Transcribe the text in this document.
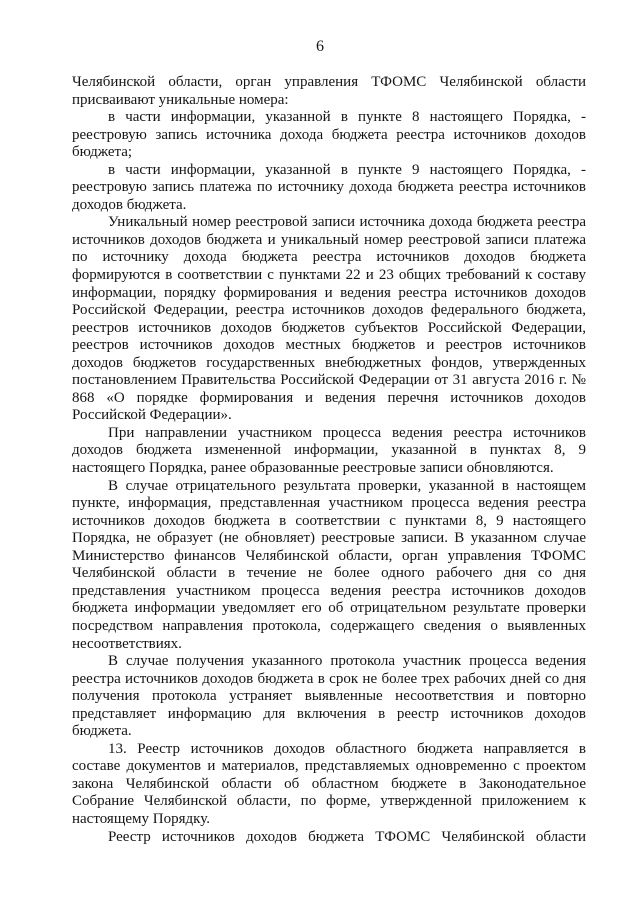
6

Челябинской области, орган управления ТФОМС Челябинской области присваивают уникальные номера:

в части информации, указанной в пункте 8 настоящего Порядка, - реестровую запись источника дохода бюджета реестра источников доходов бюджета;

в части информации, указанной в пункте 9 настоящего Порядка, - реестровую запись платежа по источнику дохода бюджета реестра источников доходов бюджета.

Уникальный номер реестровой записи источника дохода бюджета реестра источников доходов бюджета и уникальный номер реестровой записи платежа по источнику дохода бюджета реестра источников доходов бюджета формируются в соответствии с пунктами 22 и 23 общих требований к составу информации, порядку формирования и ведения реестра источников доходов Российской Федерации, реестра источников доходов федерального бюджета, реестров источников доходов бюджетов субъектов Российской Федерации, реестров источников доходов местных бюджетов и реестров источников доходов бюджетов государственных внебюджетных фондов, утвержденных постановлением Правительства Российской Федерации от 31 августа 2016 г. № 868 «О порядке формирования и ведения перечня источников доходов Российской Федерации».

При направлении участником процесса ведения реестра источников доходов бюджета измененной информации, указанной в пунктах 8, 9 настоящего Порядка, ранее образованные реестровые записи обновляются.

В случае отрицательного результата проверки, указанной в настоящем пункте, информация, представленная участником процесса ведения реестра источников доходов бюджета в соответствии с пунктами 8, 9 настоящего Порядка, не образует (не обновляет) реестровые записи. В указанном случае Министерство финансов Челябинской области, орган управления ТФОМС Челябинской области в течение не более одного рабочего дня со дня представления участником процесса ведения реестра источников доходов бюджета информации уведомляет его об отрицательном результате проверки посредством направления протокола, содержащего сведения о выявленных несоответствиях.

В случае получения указанного протокола участник процесса ведения реестра источников доходов бюджета в срок не более трех рабочих дней со дня получения протокола устраняет выявленные несоответствия и повторно представляет информацию для включения в реестр источников доходов бюджета.

13. Реестр источников доходов областного бюджета направляется в составе документов и материалов, представляемых одновременно с проектом закона Челябинской области об областном бюджете в Законодательное Собрание Челябинской области, по форме, утвержденной приложением к настоящему Порядку.

Реестр источников доходов бюджета ТФОМС Челябинской области
